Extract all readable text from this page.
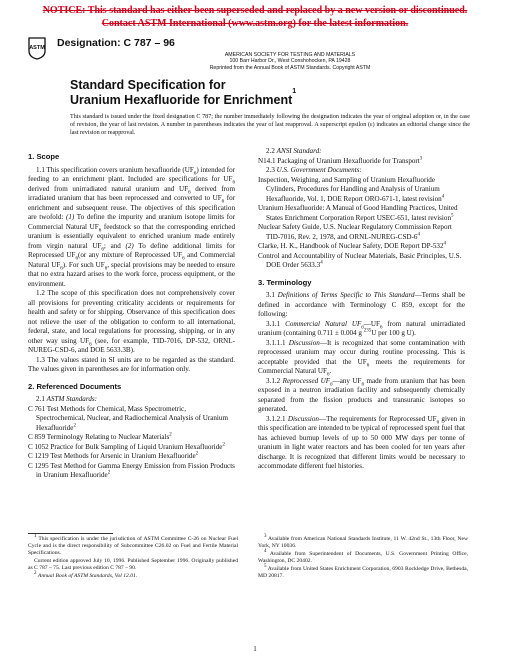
NOTICE: This standard has either been superseded and replaced by a new version or discontinued.
Contact ASTM International (www.astm.org) for the latest information.
ASTM Designation: C 787 – 96
AMERICAN SOCIETY FOR TESTING AND MATERIALS
100 Barr Harbor Dr., West Conshohocken, PA 19428
Reprinted from the Annual Book of ASTM Standards. Copyright ASTM
Standard Specification for
Uranium Hexafluoride for Enrichment$^1$
This standard is issued under the fixed designation C 787; the number immediately following the designation indicates the year of original adoption or, in the case of revision, the year of last revision. A number in parentheses indicates the year of last reapproval. A superscript epsilon (ε) indicates an editorial change since the last revision or reapproval.
1. Scope

1.1 This specification covers uranium hexafluoride $(UF_6)$ intended for feeding to an enrichment plant. Included are specifications for $UF_6$ derived from unirradiated natural uranium and $UF_6$ derived from irradiated uranium that has been reprocessed and converted to $UF_6$ for enrichment and subsequent reuse. The objectives of this specification are twofold: (1) To define the impurity and uranium isotope limits for Commercial Natural $UF_6$ feedstock so that the corresponding enriched uranium is essentially equivalent to enriched uranium made entirely from virgin natural $UF_6$; and (2) To define additional limits for Reprocessed $UF_6(or$ any mixture of Reprocessed $UF_6$ and Commercial Natural $UF_6$). For such $UF_6$, special provisions may be needed to ensure that no extra hazard arises to the work force, process equipment, or the environment.

1.2 The scope of this specification does not comprehensively cover all provisions for preventing criticality accidents or requirements for health and safety or for shipping. Observance of this specification does not relieve the user of the obligation to conform to all international, federal, state, and local regulations for processing, shipping, or in any other way using $UF_6$ (see, for example, TID-7016, DP-532, ORNL-NUREG-CSD-6, and DOE 5633.3B).

1.3 The values stated in SI units are to be regarded as the standard. The values given in parentheses are for information only.

2. Referenced Documents

2.1 ASTM Standards:

C 761 Test Methods for Chemical, Mass Spectrometric, Spectrochemical, Nuclear, and Radiochemical Analysis of Uranium Hexafluoride$^2$

C 859 Terminology Relating to Nuclear Materials$^2$

C 1052 Practice for Bulk Sampling of Liquid Uranium Hexafluoride$^2$

C 1219 Test Methods for Arsenic in Uranium Hexafluoride$^2$

C 1295 Test Method for Gamma Energy Emission from Fission Products in Uranium Hexafluoride$^2$

2.2 ANSI Standard:

N14.1 Packaging of Uranium Hexafluoride for Transport$^3$

2.3 U.S. Government Documents:

Inspection, Weighing, and Sampling of Uranium Hexafluoride Cylinders, Procedures for Handling and Analysis of Uranium Hexafluoride, Vol. 1, DOE Report ORO-671-1, latest revision$^4$

Uranium Hexafluoride: A Manual of Good Handling Practices, United States Enrichment Corporation Report USEC-651, latest revision$^5$

Nuclear Safety Guide, U.S. Nuclear Regulatory Commission Report TID-7016, Rev. 2, 1978, and ORNL-$NUREG-CSD-6^4$

Clarke, H. K., Handbook of Nuclear Safety, DOE Report $DP-532^4$

Control and Accountability of Nuclear Materials, Basic Principles, U.S. DOE Order 5633.3$^4$

3. Terminology

3.1 Definitions of Terms Specific to This Standard—Terms shall be defined in accordance with Terminology C 859, except for the following:

3.1.1 Commercial Natural $UF_6—UF_6$ from natural unirradiated uranium (containing 0.711 ± 0.004 g $^{235}$U per 100 g U).

3.1.1.1 Discussion—It is recognized that some contamination with reprocessed uranium may occur during routine processing. This is acceptable provided that the $UF_6$ meets the requirements for Commercial Natural $UF_6$.

3.1.2 Reprocessed $UF_6—any$ $UF_6$ made from uranium that has been exposed in a neutron irradiation facility and subsequently chemically separated from the fission products and transuranic isotopes so generated.

3.1.2.1 Discussion—The requirements for Reprocessed $UF_6$ given in this specification are intended to be typical of reprocessed spent fuel that has achieved burnup levels of up to 50 000 MW days per tonne of uranium in light water reactors and has been cooled for ten years after discharge. It is recognized that different limits would be necessary to accommodate different fuel histories.

$^1$ This specification is under the jurisdiction of ASTM Committee C-26 on Nuclear Fuel Cycle and is the direct responsibility of Subcommittee C26.02 on Fuel and Fertile Material Specifications.

Current edition approved July 10, 1996. Published September 1996. Originally published as C 787 – 75. Last previous edition C 787 – 90.

$^2$ Annual Book of ASTM Standards, Vol 12.01.

$^3$ Available from American National Standards Institute, 11 W. 42nd St., 13th Floor, New York, NY 10036.

$^4$ Available from Superintendent of Documents, U.S. Government Printing Office, Washington, DC 20402.

$^5$ Available from United States Enrichment Corporation, 6903 Rockledge Drive, Bethesda, MD 20817.

1
